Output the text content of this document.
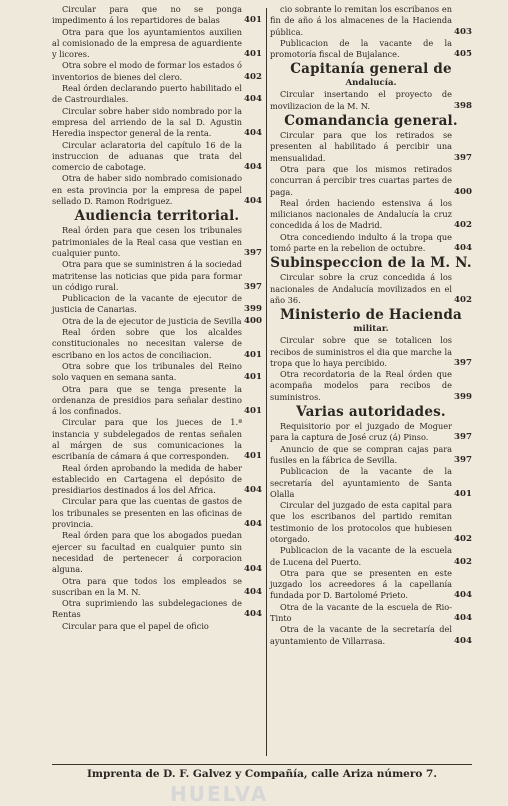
Circular para que no se ponga impedimento á los repartidores de balas	401
Otra para que los ayuntamientos auxilien al comisionado de la empresa de aguardiente y licores.	401
Otra sobre el modo de formar los estados ó inventorios de bienes del clero.	402
Real órden declarando puerto habilitado el de Castrourdiales.	404
Circular sobre haber sido nombrado por la empresa del arriendo de la sal D. Agustin Heredia inspector general de la renta.	404
Circular aclaratoria del capítulo 16 de la instruccion de aduanas que trata del comercio de cabotage.	404
Otra de haber sido nombrado comisionado en esta provincia por la empresa de papel sellado D. Ramon Rodriguez.	404
Audiencia territorial.
Real órden para que cesen los tribunales patrimoniales de la Real casa que vestian en cualquier punto.	397
Otra para que se suministren á la sociedad matritense las noticias que pida para formar un código rural.	397
Publicacion de la vacante de ejecutor de justicia de Canarias.	399
Otra de la de ejecutor de justicia de Sevilla 400
Real órden sobre que los alcaldes constitucionales no necesitan valerse de escribano en los actos de conciliacion.	401
Otra sobre que los tribunales del Reino solo vaquen en semana santa.	401
Otra para que se tenga presente la ordenanza de presidios para señalar destino á los confinados.	401
Circular para que los jueces de 1.ª instancia y subdelegados de rentas señalen al márgen de sus comunicaciones la escribanía de cámara á que corresponden.	401
Real órden aprobando la medida de haber establecido en Cartagena el depósito de presidiarios destinados á los del Africa.	404
Circular para que las cuentas de gastos de los tribunales se presenten en las oficinas de provincia.	404
Real órden para que los abogados puedan ejercer su facultad en cualquier punto sin necesidad de pertenecer á corporacion alguna.	404
Otra para que todos los empleados se suscriban en la M. N.	404
Otra suprimiendo las subdelegaciones de Rentas	404
Circular para que el papel de oficio
cio sobrante lo remitan los escribanos en fin de año á los almacenes de la Hacienda pública.	403
Publicacion de la vacante de la promotoría fiscal de Bujalance.	405
Capitanía general de
Andalucía.
Circular insertando el proyecto de movilizacion de la M. N.	398
Comandancia general.
Circular para que los retirados se presenten al habilitado á percibir una mensualidad.	397
Otra para que los mismos retirados concurran á percibir tres cuartas partes de paga.	400
Real órden haciendo estensiva á los milicianos nacionales de Andalucía la cruz concedida á los de Madrid.	402
Otra concediendo indulto á la tropa que tomó parte en la rebelion de octubre.	404
Subinspeccion de la M. N.
Circular sobre la cruz concedida á los nacionales de Andalucía movilizados en el año 36.	402
Ministerio de Hacienda
militar.
Circular sobre que se totalicen los recibos de suministros el dia que marche la tropa que lo haya percibido.	397
Otra recordatoria de la Real órden que acompaña modelos para recibos de suministros.	399
Varias autoridades.
Requisitorio por el juzgado de Moguer para la captura de José cruz (á) Pinso.	397
Anuncio de que se compran cajas para fusiles en la fábrica de Sevilla.	397
Publicacion de la vacante de la secretaría del ayuntamiento de Santa Olalla	401
Circular del juzgado de esta capital para que los escribanos del partido remitan testimonio de los protocolos que hubiesen otorgado.	402
Publicacion de la vacante de la escuela de Lucena del Puerto.	402
Otra para que se presenten en este juzgado los acreedores á la capellanía fundada por D. Bartolomé Prieto.	404
Otra de la vacante de la escuela de Rio-Tinto	404
Otra de la vacante de la secretaría del ayuntamiento de Villarrasa.	404
Imprenta de D. F. Galvez y Compañía, calle Ariza número 7.
HUELVA
